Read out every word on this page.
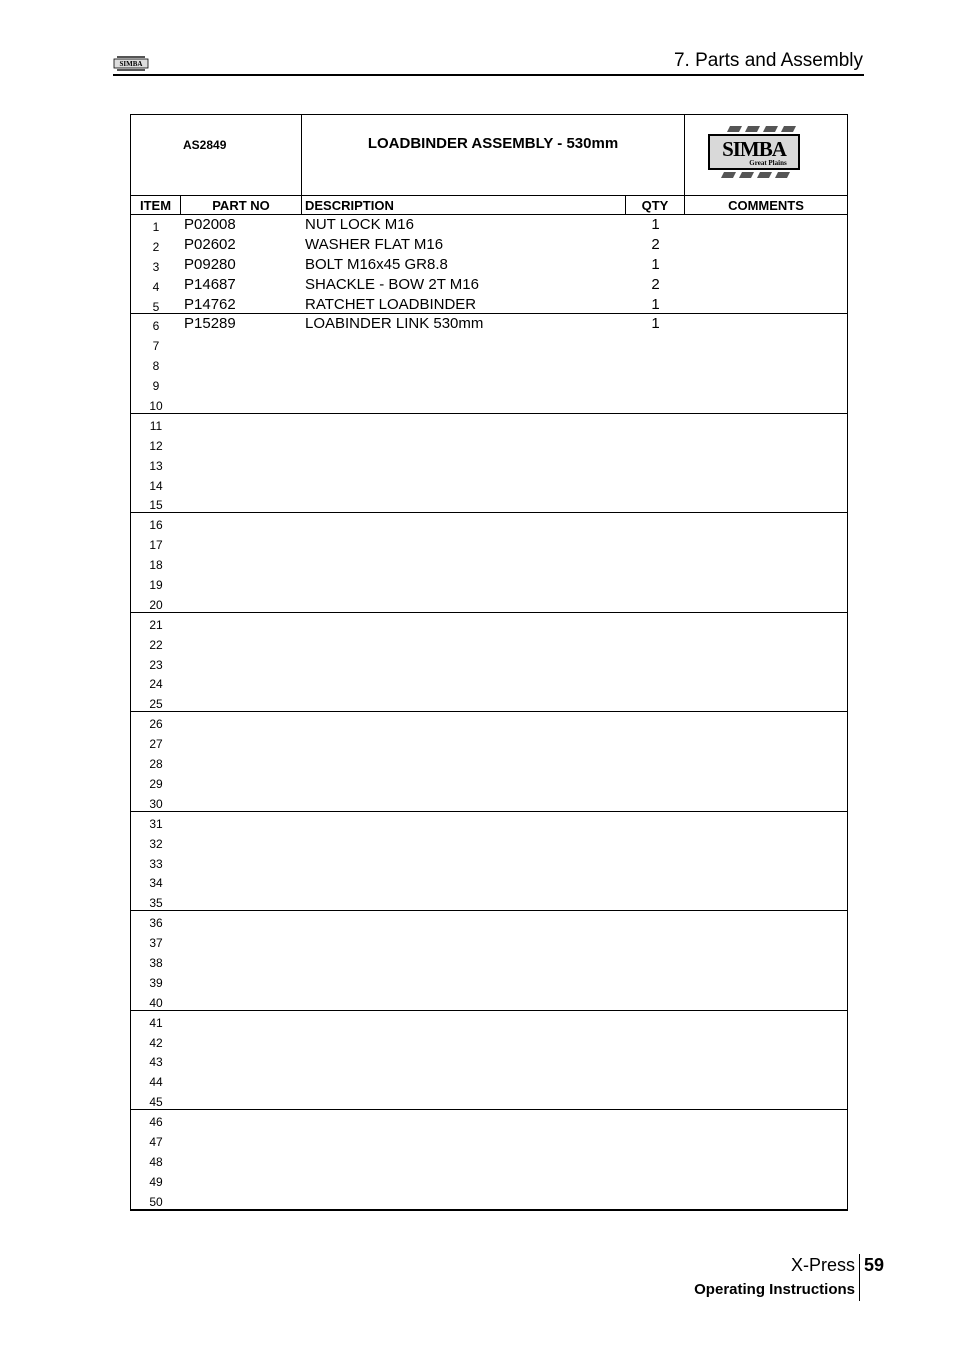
SIMBA	7. Parts and Assembly
AS2849	LOADBINDER ASSEMBLY - 530mm	SIMBA
Great Plains
ITEM	PART NO	DESCRIPTION	QTY	COMMENTS
1	P02008	NUT LOCK M16	1
2	P02602	WASHER FLAT M16	2
3	P09280	BOLT M16x45 GR8.8	1
4	P14687	SHACKLE - BOW 2T M16	2
5	P14762	RATCHET LOADBINDER	1
6	P15289	LOABINDER LINK 530mm	1
7
8
9
10
11
12
13
14
15
16
17
18
19
20
21
22
23
24
25
26
27
28
29
30
31
32
33
34
35
36
37
38
39
40
41
42
43
44
45
46
47
48
49
50
X-Press 59
Operating Instructions
